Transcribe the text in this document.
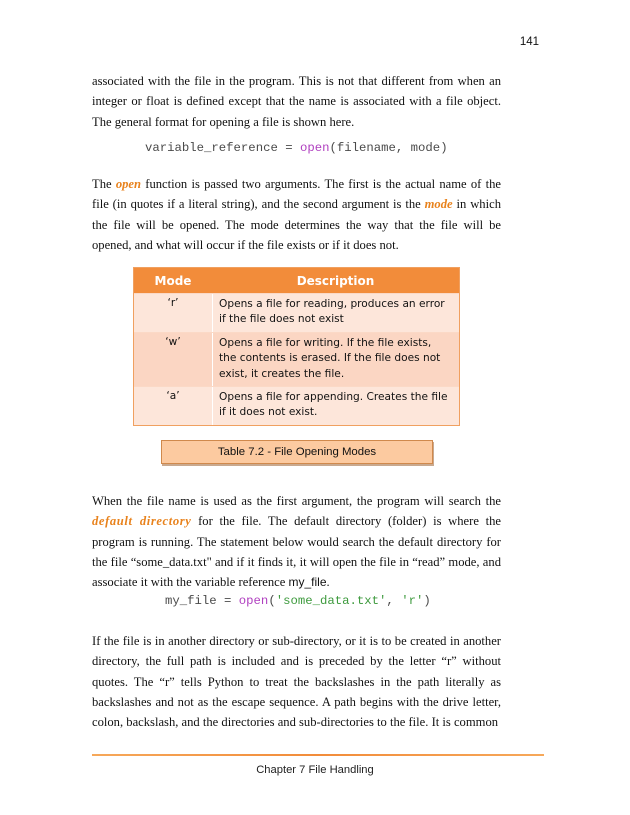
141

associated with the file in the program. This is not that different from when an integer or float is defined except that the name is associated with a file object. The general format for opening a file is shown here.

variable_reference = open(filename, mode)

The open function is passed two arguments. The first is the actual name of the file (in quotes if a literal string), and the second argument is the mode in which the file will be opened. The mode determines the way that the file will be opened, and what will occur if the file exists or if it does not.

Mode	Description
‘r’	Opens a file for reading, produces an error if the file does not exist
‘w’	Opens a file for writing. If the file exists, the contents is erased. If the file does not exist, it creates the file.
‘a’	Opens a file for appending. Creates the file if it does not exist.
Table 7.2 - File Opening Modes

When the file name is used as the first argument, the program will search the default directory for the file. The default directory (folder) is where the program is running. The statement below would search the default directory for the file “some_data.txt" and if it finds it, it will open the file in “read” mode, and associate it with the variable reference my_file.

my_file = open('some_data.txt', 'r')

If the file is in another directory or sub-directory, or it is to be created in another directory, the full path is included and is preceded by the letter “r” without quotes. The “r” tells Python to treat the backslashes in the path literally as backslashes and not as the escape sequence. A path begins with the drive letter, colon, backslash, and the directories and sub-directories to the file. It is common

Chapter 7 File Handling
